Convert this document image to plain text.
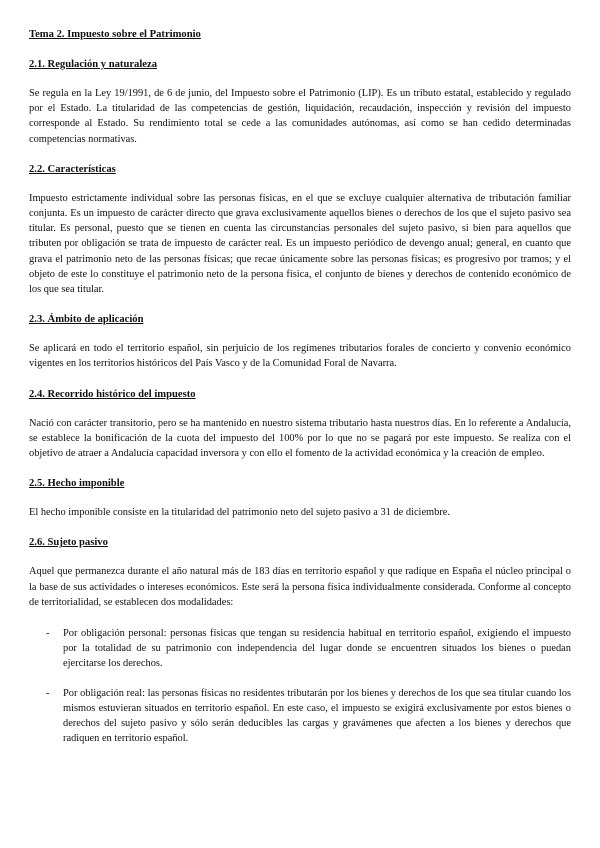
Tema 2. Impuesto sobre el Patrimonio
2.1. Regulación y naturaleza

Se regula en la Ley 19/1991, de 6 de junio, del Impuesto sobre el Patrimonio (LIP). Es un tributo estatal, establecido y regulado por el Estado. La titularidad de las competencias de gestión, liquidación, recaudación, inspección y revisión del impuesto corresponde al Estado. Su rendimiento total se cede a las comunidades autónomas, así como se han cedido determinadas competencias normativas.

2.2. Características

Impuesto estrictamente individual sobre las personas físicas, en el que se excluye cualquier alternativa de tributación familiar conjunta. Es un impuesto de carácter directo que grava exclusivamente aquellos bienes o derechos de los que el sujeto pasivo sea titular. Es personal, puesto que se tienen en cuenta las circunstancias personales del sujeto pasivo, si bien para aquellos que tributen por obligación se trata de impuesto de carácter real. Es un impuesto periódico de devengo anual; general, en cuanto que grava el patrimonio neto de las personas físicas; que recae únicamente sobre las personas físicas; es progresivo por tramos; y el objeto de este lo constituye el patrimonio neto de la persona física, el conjunto de bienes y derechos de contenido económico de los que sea titular.

2.3. Ámbito de aplicación

Se aplicará en todo el territorio español, sin perjuicio de los regímenes tributarios forales de concierto y convenio económico vigentes en los territorios históricos del País Vasco y de la Comunidad Foral de Navarra.

2.4. Recorrido histórico del impuesto

Nació con carácter transitorio, pero se ha mantenido en nuestro sistema tributario hasta nuestros días. En lo referente a Andalucía, se establece la bonificación de la cuota del impuesto del 100% por lo que no se pagará por este impuesto. Se realiza con el objetivo de atraer a Andalucía capacidad inversora y con ello el fomento de la actividad económica y la creación de empleo.

2.5. Hecho imponible

El hecho imponible consiste en la titularidad del patrimonio neto del sujeto pasivo a 31 de diciembre.

2.6. Sujeto pasivo

Aquel que permanezca durante el año natural más de 183 días en territorio español y que radique en España el núcleo principal o la base de sus actividades o intereses económicos. Este será la persona física individualmente considerada. Conforme al concepto de territorialidad, se establecen dos modalidades:

- Por obligación personal: personas físicas que tengan su residencia habitual en territorio español, exigiendo el impuesto por la totalidad de su patrimonio con independencia del lugar donde se encuentren situados los bienes o puedan ejercitarse los derechos.
- Por obligación real: las personas físicas no residentes tributarán por los bienes y derechos de los que sea titular cuando los mismos estuvieran situados en territorio español. En este caso, el impuesto se exigirá exclusivamente por estos bienes o derechos del sujeto pasivo y sólo serán deducibles las cargas y gravámenes que afecten a los bienes y derechos que radiquen en territorio español.
